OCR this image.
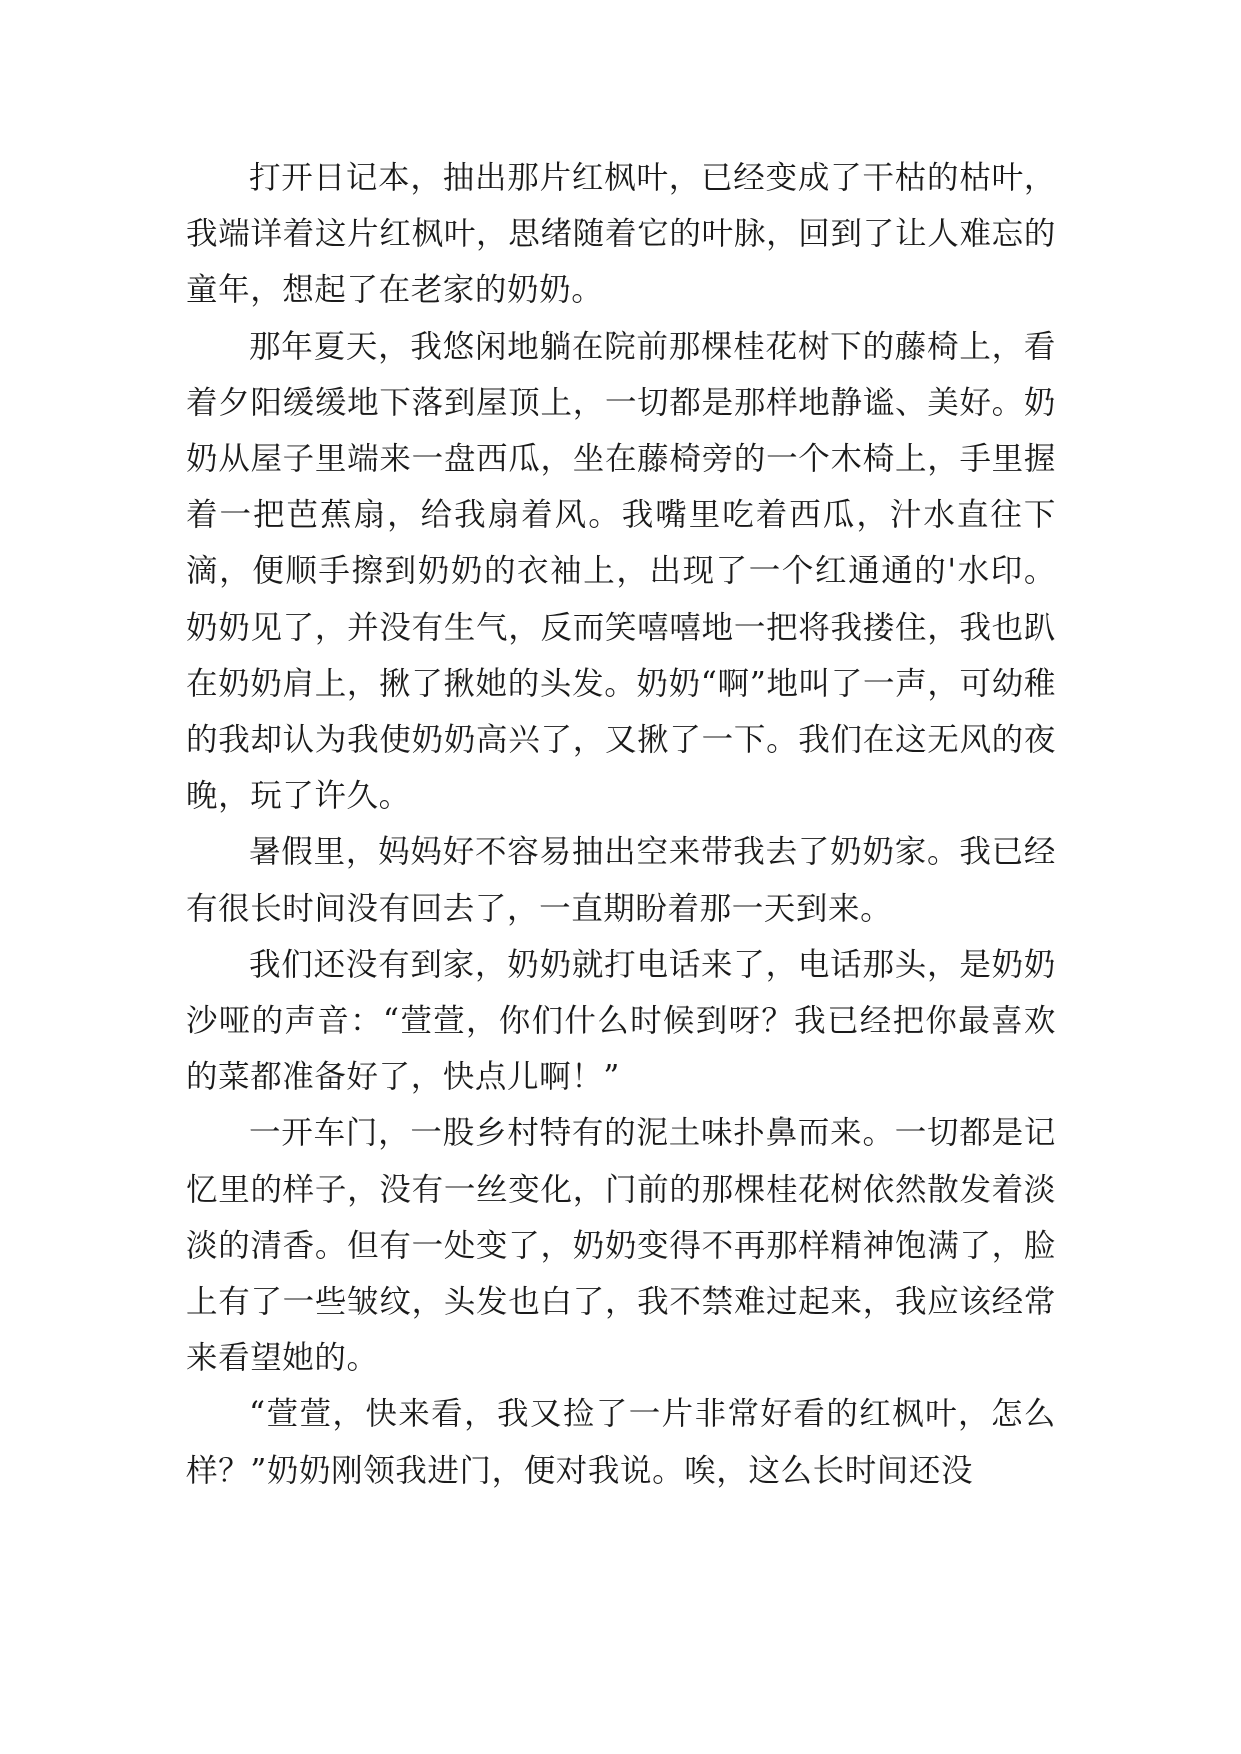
打开日记本，抽出那片红枫叶，已经变成了干枯的枯叶，我端详着这片红枫叶，思绪随着它的叶脉，回到了让人难忘的童年，想起了在老家的奶奶。

那年夏天，我悠闲地躺在院前那棵桂花树下的藤椅上，看着夕阳缓缓地下落到屋顶上，一切都是那样地静谧、美好。奶奶从屋子里端来一盘西瓜，坐在藤椅旁的一个木椅上，手里握着一把芭蕉扇，给我扇着风。我嘴里吃着西瓜，汁水直往下滴，便顺手擦到奶奶的衣袖上，出现了一个红通通的'水印。奶奶见了，并没有生气，反而笑嘻嘻地一把将我搂住，我也趴在奶奶肩上，揪了揪她的头发。奶奶“啊”地叫了一声，可幼稚的我却认为我使奶奶高兴了，又揪了一下。我们在这无风的夜晚，玩了许久。

暑假里，妈妈好不容易抽出空来带我去了奶奶家。我已经有很长时间没有回去了，一直期盼着那一天到来。

我们还没有到家，奶奶就打电话来了，电话那头，是奶奶沙哑的声音：“萱萱，你们什么时候到呀？我已经把你最喜欢的菜都准备好了，快点儿啊！”

一开车门，一股乡村特有的泥土味扑鼻而来。一切都是记忆里的样子，没有一丝变化，门前的那棵桂花树依然散发着淡淡的清香。但有一处变了，奶奶变得不再那样精神饱满了，脸上有了一些皱纹，头发也白了，我不禁难过起来，我应该经常来看望她的。

“萱萱，快来看，我又捡了一片非常好看的红枫叶，怎么样？”奶奶刚领我进门，便对我说。唉，这么长时间还没
